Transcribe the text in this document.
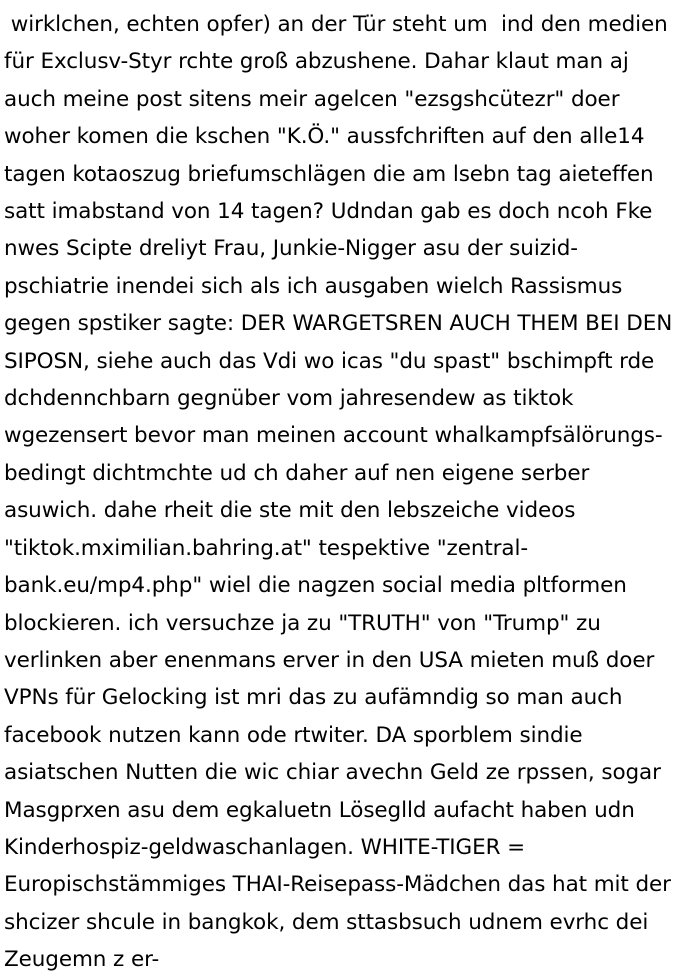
wirklchen, echten opfer) an der Tür steht um  ind den medien für Exclusv-Styr rchte groß abzushene. Dahar klaut man aj auch meine post sitens meir agelcen "ezsgshcütezr" doer woher komen die kschen "K.Ö." aussfchriften auf den alle14 tagen kotaoszug briefumschlägen die am lsebn tag aieteffen satt imabstand von 14 tagen? Udndan gab es doch ncoh Fke nwes Scipte dreliyt Frau, Junkie-Nigger asu der suizid-pschiatrie inendei sich als ich ausgaben wielch Rassismus gegen spstiker sagte: DER WARGETSREN AUCH THEM BEI DEN SIPOSN, siehe auch das Vdi wo icas "du spast" bschimpft rde dchdennchbarn gegnüber vom jahresendew as tiktok wgezensert bevor man meinen account whalkampfsälörungs-bedingt dichtmchte ud ch daher auf nen eigene serber asuwich. dahe rheit die ste mit den lebszeiche videos "tiktok.mximilian.bahring.at" tespektive "zentral-bank.eu/mp4.php" wiel die nagzen social media pltformen blockieren. ich versuchze ja zu "TRUTH" von "Trump" zu verlinken aber enenmans erver in den USA mieten muß doer VPNs für Gelocking ist mri das zu aufämndig so man auch facebook nutzen kann ode rtwiter. DA sporblem sindie asiatschen Nutten die wic chiar avechn Geld ze rpssen, sogar Masgprxen asu dem egkaluetn Löseglld aufacht haben udn Kinderhospiz-geldwaschanlagen. WHITE-TIGER = Europischstämmiges THAI-Reisepass-Mädchen das hat mit der shcizer shcule in bangkok, dem sttasbsuch udnem evrhc dei Zeugemn z er-
